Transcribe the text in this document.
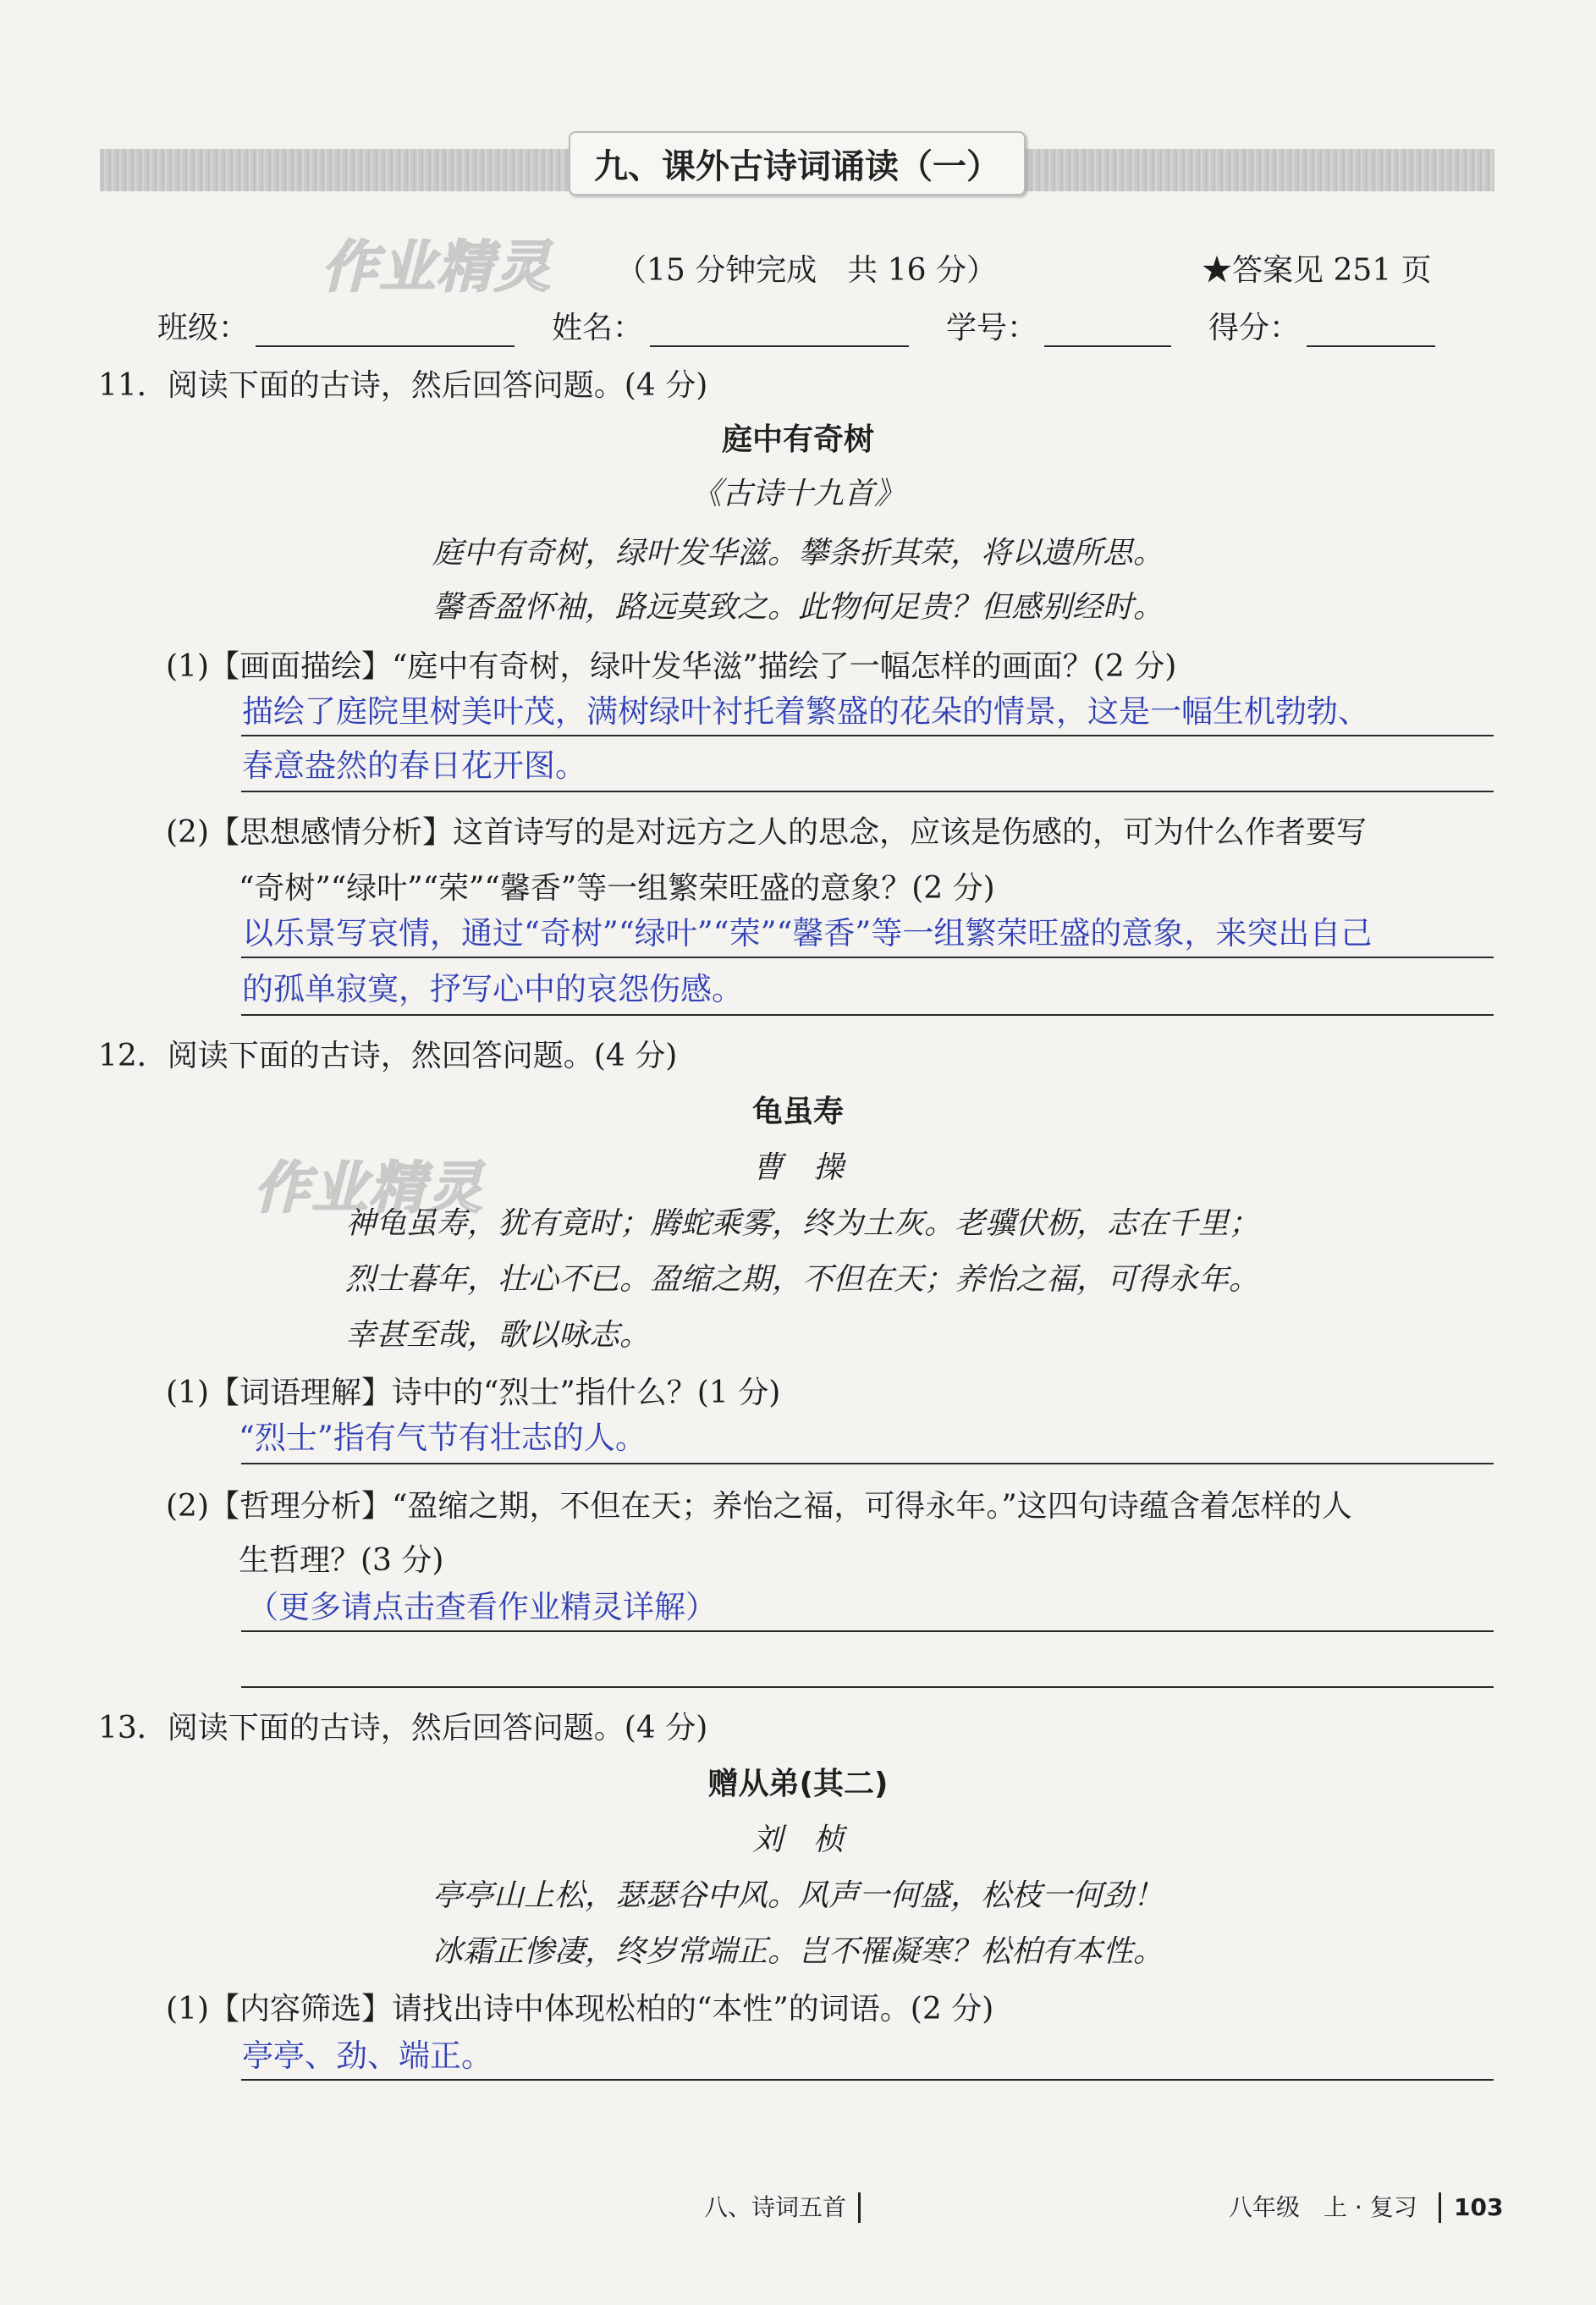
九、课外古诗词诵读（一）
作业精灵 （15 分钟完成　共 16 分）	★答案见 251 页
班级：	姓名：	学号：	得分：
11．阅读下面的古诗，然后回答问题。(4 分)
庭中有奇树
《古诗十九首》
庭中有奇树，绿叶发华滋。攀条折其荣，将以遗所思。
馨香盈怀袖，路远莫致之。此物何足贵？但感别经时。
(1)【画面描绘】“庭中有奇树，绿叶发华滋”描绘了一幅怎样的画面？(2 分)
描绘了庭院里树美叶茂，满树绿叶衬托着繁盛的花朵的情景，这是一幅生机勃勃、
春意盎然的春日花开图。
(2)【思想感情分析】这首诗写的是对远方之人的思念，应该是伤感的，可为什么作者要写
“奇树”“绿叶”“荣”“馨香”等一组繁荣旺盛的意象？(2 分)
以乐景写哀情，通过“奇树”“绿叶”“荣”“馨香”等一组繁荣旺盛的意象，来突出自己
的孤单寂寞，抒写心中的哀怨伤感。
12．阅读下面的古诗，然回答问题。(4 分)
龟虽寿
作业精灵	曹　操
神龟虽寿，犹有竟时；腾蛇乘雾，终为土灰。老骥伏枥，志在千里；
烈士暮年，壮心不已。盈缩之期，不但在天；养怡之福，可得永年。
幸甚至哉，歌以咏志。
(1)【词语理解】诗中的“烈士”指什么？(1 分)
“烈士”指有气节有壮志的人。
(2)【哲理分析】“盈缩之期，不但在天；养怡之福，可得永年。”这四句诗蕴含着怎样的人
生哲理？(3 分)
（更多请点击查看作业精灵详解）
13．阅读下面的古诗，然后回答问题。(4 分)
赠从弟(其二)
刘　桢
亭亭山上松，瑟瑟谷中风。风声一何盛，松枝一何劲！
冰霜正惨凄，终岁常端正。岂不罹凝寒？松柏有本性。
(1)【内容筛选】请找出诗中体现松柏的“本性”的词语。(2 分)
亭亭、劲、端正。
八、诗词五首	八年级　上 · 复习 103
